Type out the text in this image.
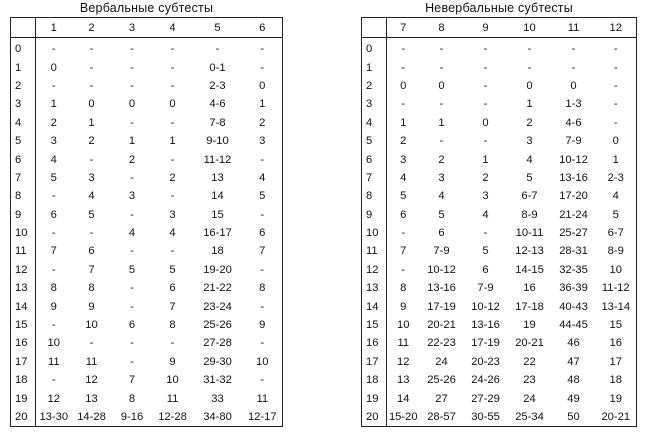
Вербальные субтесты
	1	2	3	4	5	6
0	-	-	-	-	-	-
1	0	-	-	-	0-1	-
2	-	-	-	-	2-3	0
3	1	0	0	0	4-6	1
4	2	1	-	-	7-8	2
5	3	2	1	1	9-10	3
6	4	-	2	-	11-12	-
7	5	3	-	2	13	4
8	-	4	3	-	14	5
9	6	5	-	3	15	-
10	-	-	4	4	16-17	6
11	7	6	-	-	18	7
12	-	7	5	5	19-20	-
13	8	8	-	6	21-22	8
14	9	9	-	7	23-24	-
15	-	10	6	8	25-26	9
16	10	-	-	-	27-28	-
17	11	11	-	9	29-30	10
18	-	12	7	10	31-32	-
19	12	13	8	11	33	11
20	13-30	14-28	9-16	12-28	34-80	12-17
Невербальные субтесты
	7	8	9	10	11	12
0	-	-	-	-	-	-
1	-	-	-	-	-	-
2	0	0	-	0	0	-
3	-	-	-	1	1-3	-
4	1	1	0	2	4-6	-
5	2	-	-	3	7-9	0
6	3	2	1	4	10-12	1
7	4	3	2	5	13-16	2-3
8	5	4	3	6-7	17-20	4
9	6	5	4	8-9	21-24	5
10	-	6	-	10-11	25-27	6-7
11	7	7-9	5	12-13	28-31	8-9
12	-	10-12	6	14-15	32-35	10
13	8	13-16	7-9	16	36-39	11-12
14	9	17-19	10-12	17-18	40-43	13-14
15	10	20-21	13-16	19	44-45	15
16	11	22-23	17-19	20-21	46	16
17	12	24	20-23	22	47	17
18	13	25-26	24-26	23	48	18
19	14	27	27-29	24	49	19
20	15-20	28-57	30-55	25-34	50	20-21
